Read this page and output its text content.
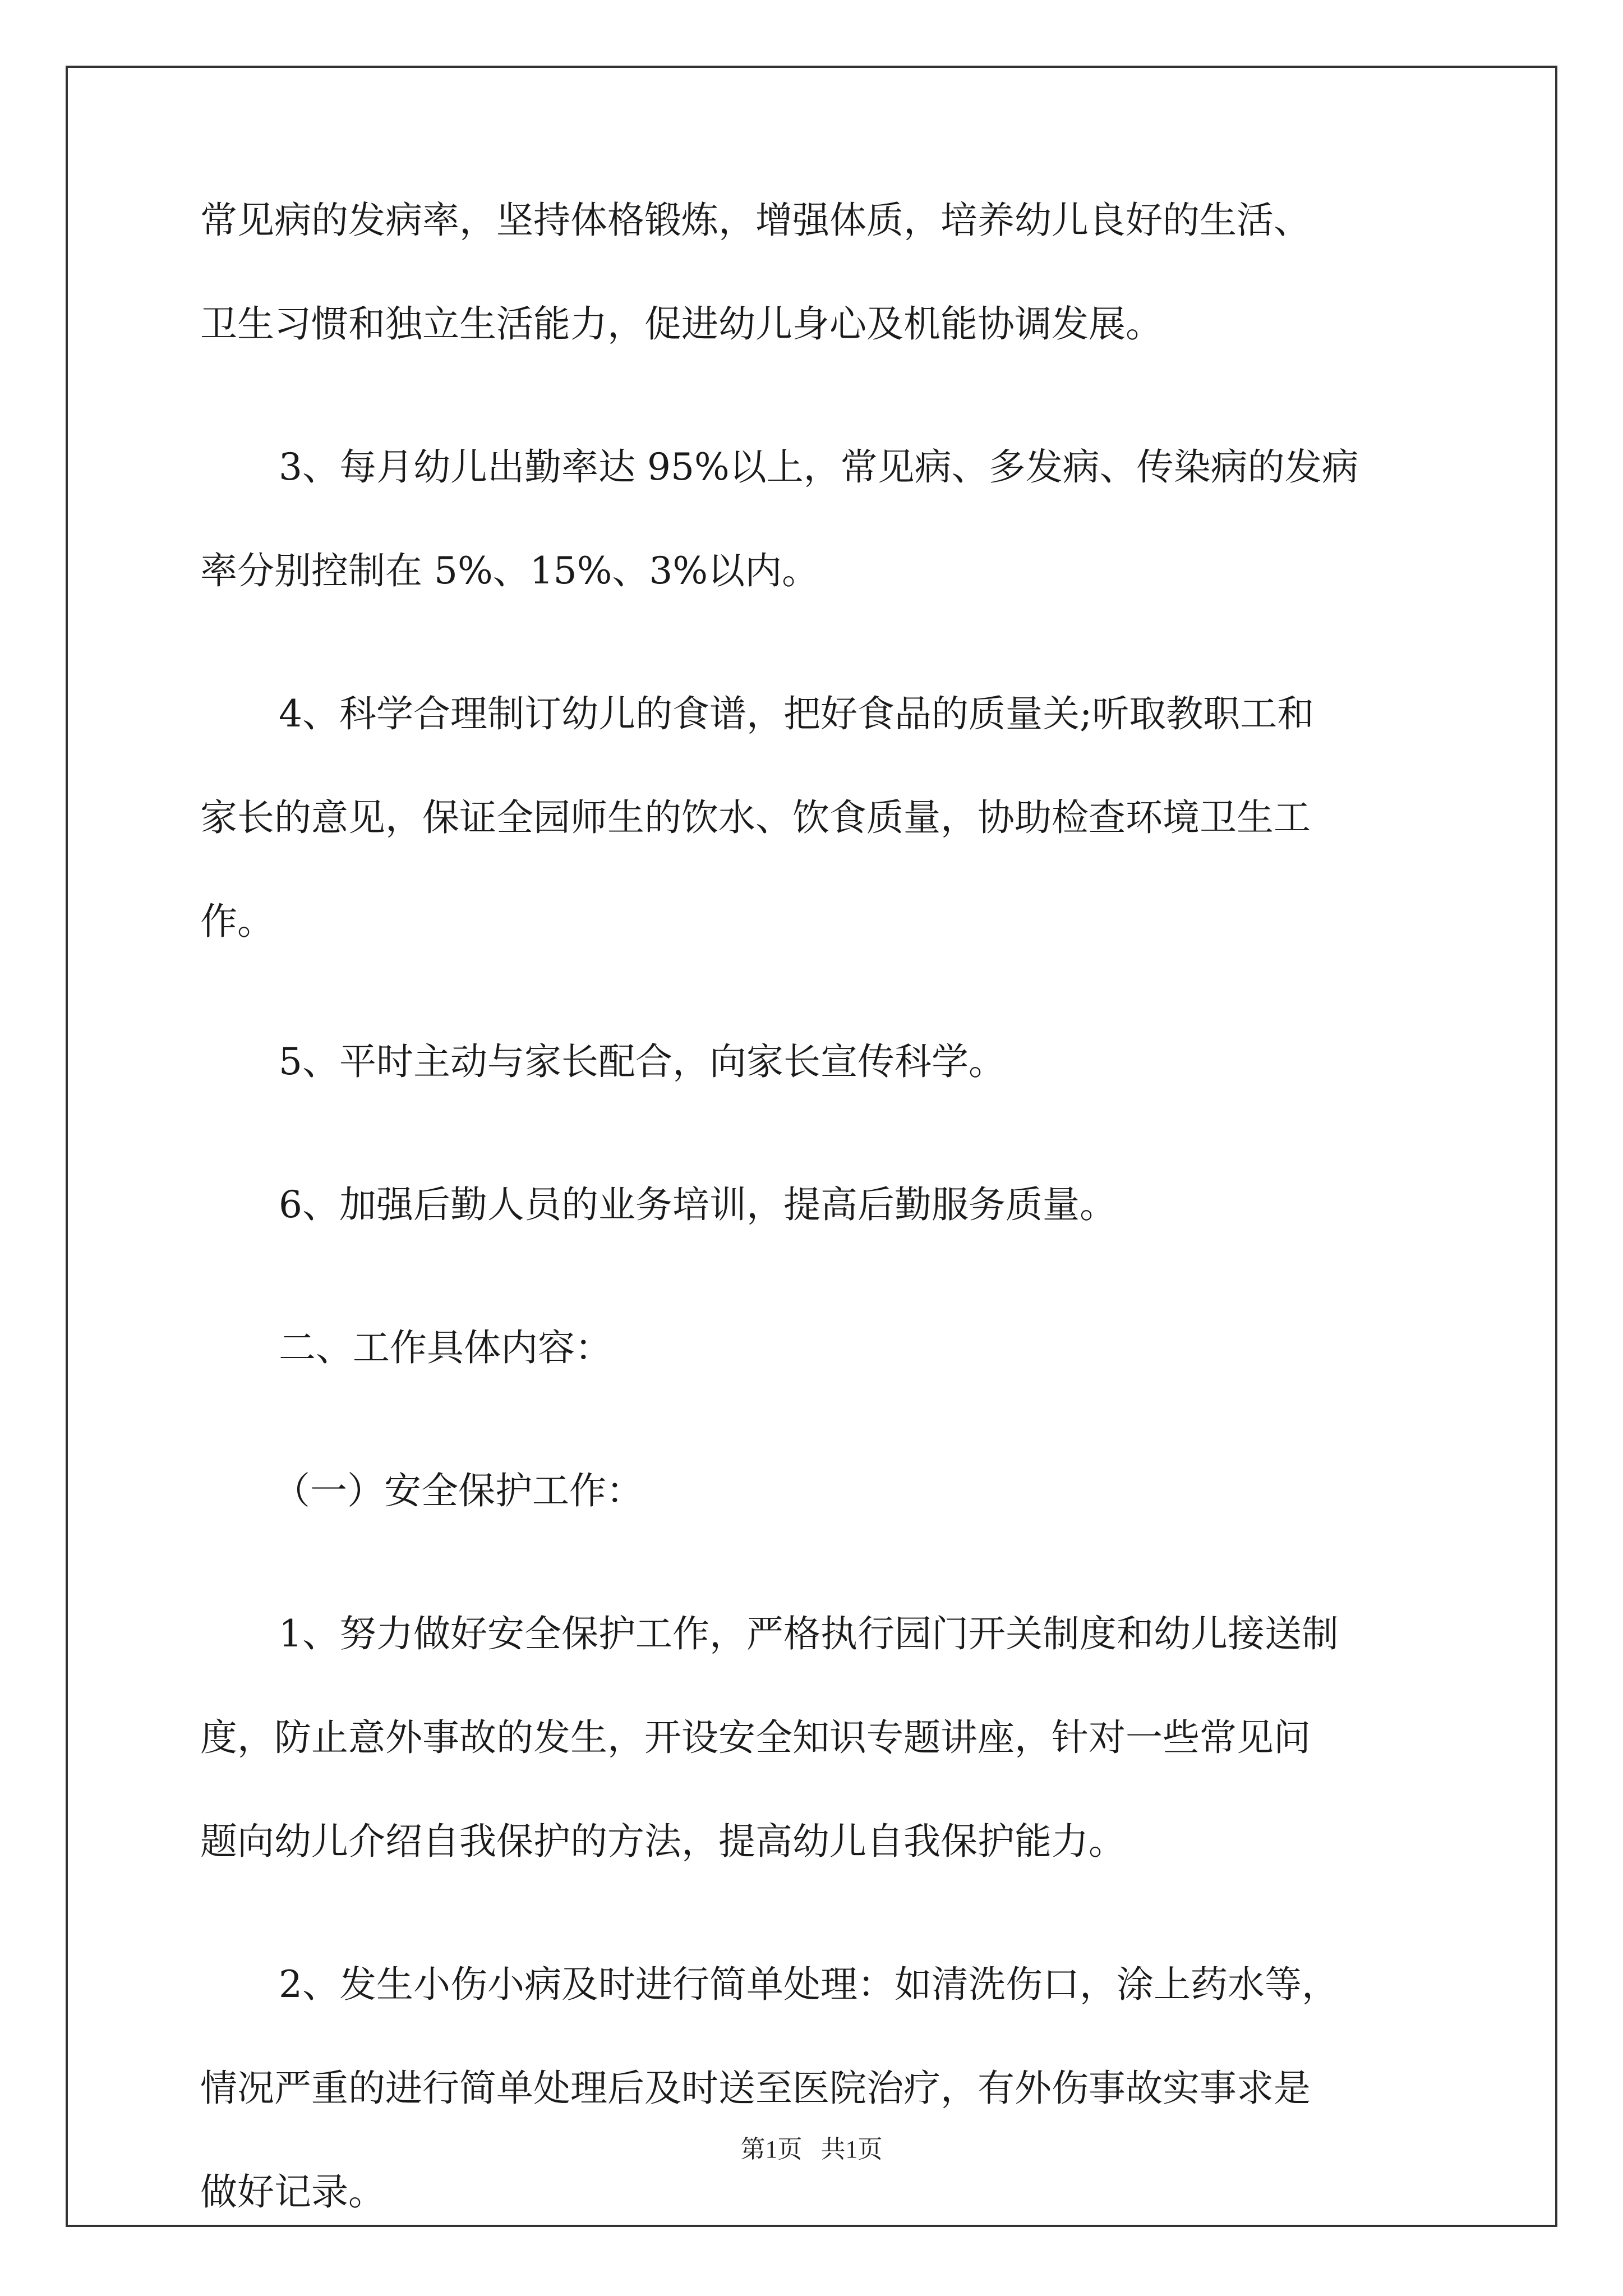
常见病的发病率，坚持体格锻炼，增强体质，培养幼儿良好的生活、
卫生习惯和独立生活能力，促进幼儿身心及机能协调发展。
3、每月幼儿出勤率达 95%以上，常见病、多发病、传染病的发病
率分别控制在 5%、15%、3%以内。
4、科学合理制订幼儿的食谱，把好食品的质量关;听取教职工和
家长的意见，保证全园师生的饮水、饮食质量，协助检查环境卫生工
作。
5、平时主动与家长配合，向家长宣传科学。
6、加强后勤人员的业务培训，提高后勤服务质量。
二、工作具体内容：
（一）安全保护工作：
1、努力做好安全保护工作，严格执行园门开关制度和幼儿接送制
度，防止意外事故的发生，开设安全知识专题讲座，针对一些常见问
题向幼儿介绍自我保护的方法，提高幼儿自我保护能力。
2、发生小伤小病及时进行简单处理：如清洗伤口，涂上药水等，
情况严重的进行简单处理后及时送至医院治疗，有外伤事故实事求是
做好记录。
第1页   共1页
